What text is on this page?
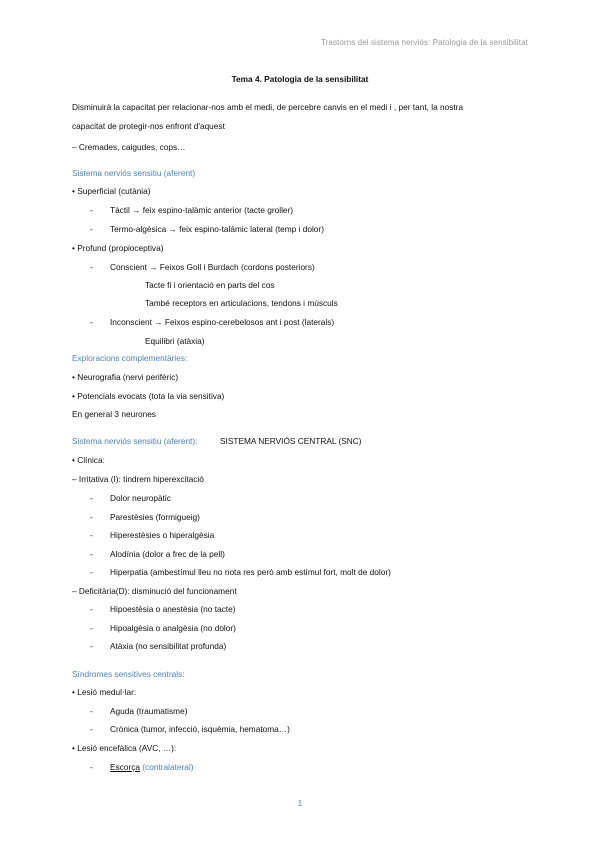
Trastorns del sistema nerviós: Patologia de la sensibilitat
Tema 4. Patologia de la sensibilitat
Disminuirà la capacitat per relacionar-nos amb el medi, de percebre canvis en el medi i , per tant, la nostra
capacitat de protegir-nos enfront d'aquest
– Cremades, caigudes, cops…
Sistema nerviós sensitiu (aferent)
• Superficial (cutània)
- Tàctil → feix espino-talàmic anterior (tacte groller)
- Termo-algèsica → feix espino-talàmic lateral (temp i dolor)
• Profund (propioceptiva)
- Conscient → Feixos Goll i Burdach (cordons posteriors)
Tacte fi i orientació en parts del cos
També receptors en articulacions, tendons i músculs
- Inconscient → Feixos espino-cerebelosos ant i post (laterals)
Equilibri (atàxia)
Exploracions complementàries:
• Neurografia (nervi perifèric)
• Potencials evocats (tota la via sensitiva)
En general 3 neurones
Sistema nerviós sensitiu (aferent):	SISTEMA NERVIÓS CENTRAL (SNC)
• Clínica:
– Irritativa (I): tindrem hiperexcitació
- Dolor neuropàtic
- Parestèsies (formigueig)
- Hiperestèsies o hiperalgèsia
- Alodínia (dolor a frec de la pell)
- Hiperpatia (ambestímul lleu no nota res però amb estímul fort, molt de dolor)
– Deficitària(D): disminució del funcionament
- Hipoestèsia o anestèsia (no tacte)
- Hipoalgèsia o analgèsia (no dolor)
- Atàxia (no sensibilitat profunda)
Síndromes sensitives centrals:
• Lesió medul·lar:
- Aguda (traumatisme)
- Crònica (tumor, infecció, isquèmia, hematoma…)
• Lesió encefàlica (AVC, …):
- Escorça (contralateral)
1
